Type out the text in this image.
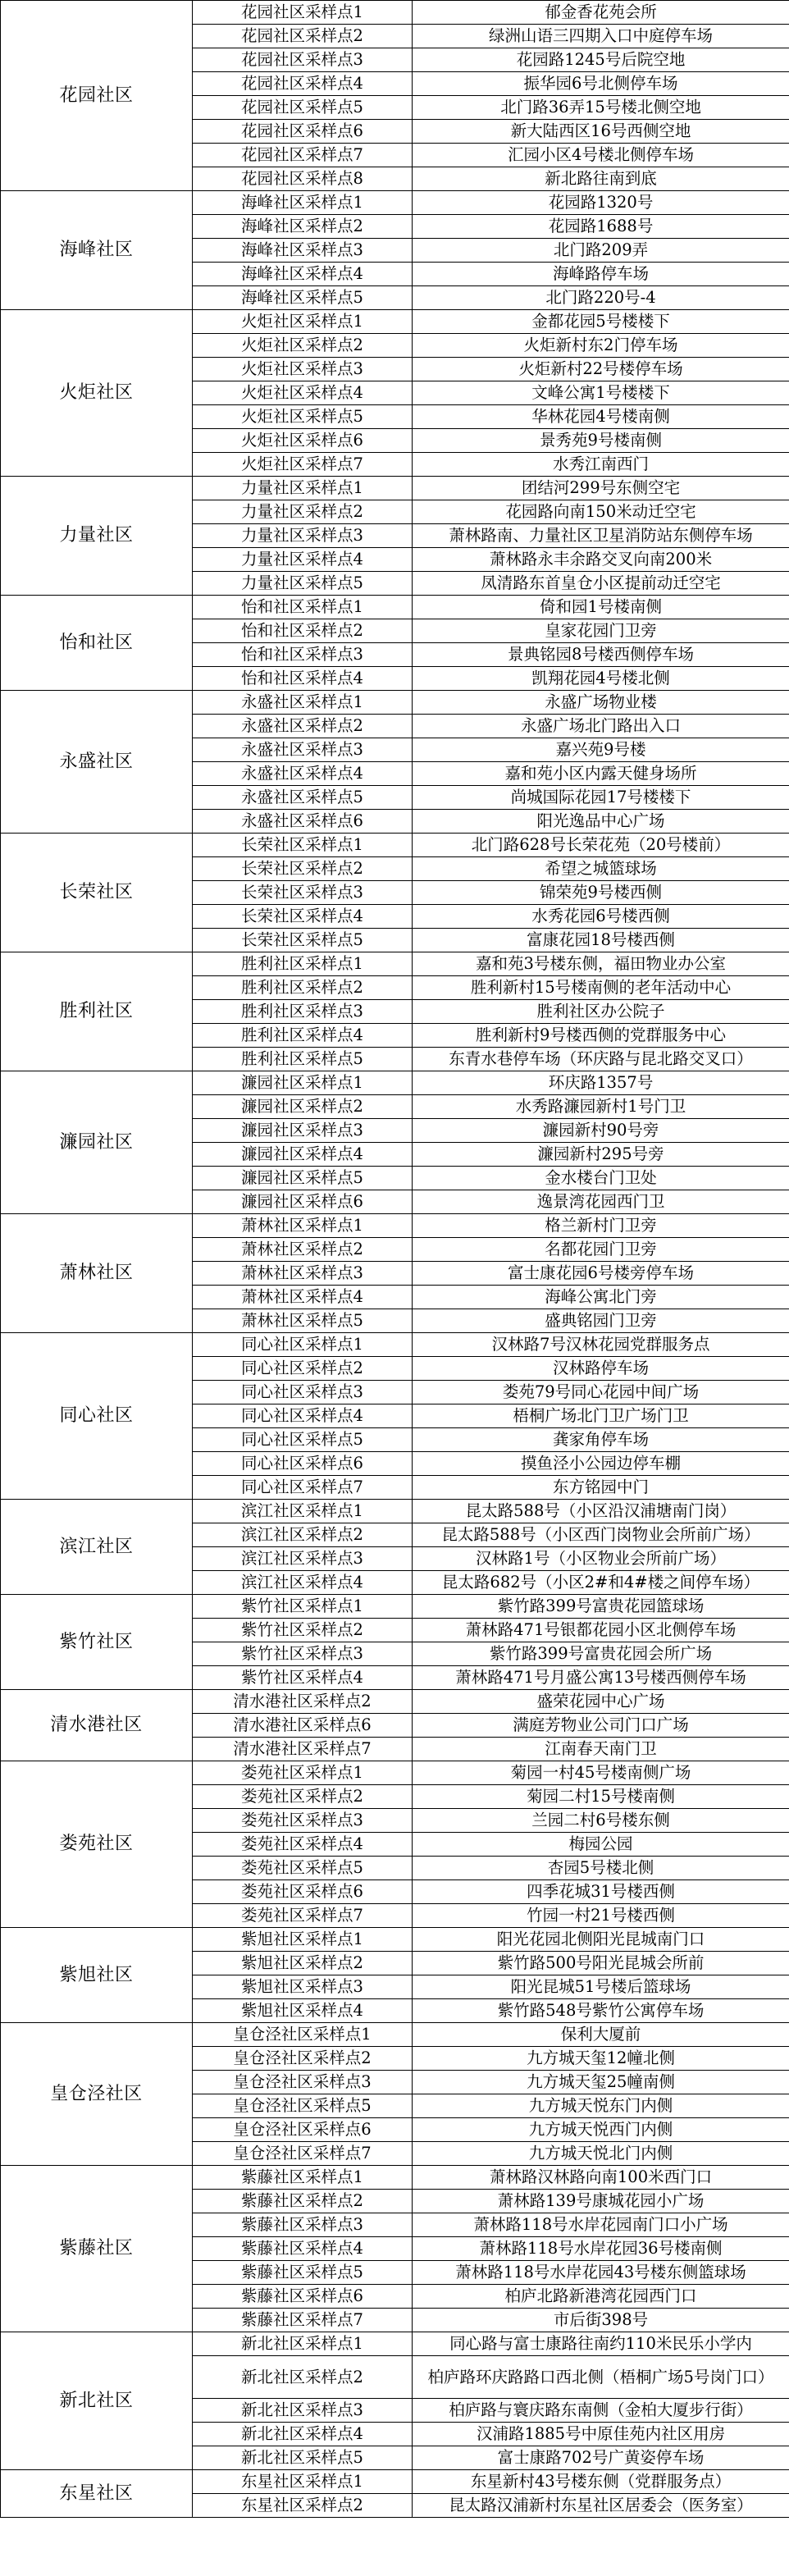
花园社区	花园社区采样点1	郁金香花苑会所
	花园社区采样点2	绿洲山语三四期入口中庭停车场
	花园社区采样点3	花园路1245号后院空地
	花园社区采样点4	振华园6号北侧停车场
	花园社区采样点5	北门路36弄15号楼北侧空地
	花园社区采样点6	新大陆西区16号西侧空地
	花园社区采样点7	汇园小区4号楼北侧停车场
	花园社区采样点8	新北路往南到底
海峰社区	海峰社区采样点1	花园路1320号
	海峰社区采样点2	花园路1688号
	海峰社区采样点3	北门路209弄
	海峰社区采样点4	海峰路停车场
	海峰社区采样点5	北门路220号-4
火炬社区	火炬社区采样点1	金都花园5号楼楼下
	火炬社区采样点2	火炬新村东2门停车场
	火炬社区采样点3	火炬新村22号楼停车场
	火炬社区采样点4	文峰公寓1号楼楼下
	火炬社区采样点5	华林花园4号楼南侧
	火炬社区采样点6	景秀苑9号楼南侧
	火炬社区采样点7	水秀江南西门
力量社区	力量社区采样点1	团结河299号东侧空宅
	力量社区采样点2	花园路向南150米动迁空宅
	力量社区采样点3	萧林路南、力量社区卫星消防站东侧停车场
	力量社区采样点4	萧林路永丰余路交叉向南200米
	力量社区采样点5	凤清路东首皇仓小区提前动迁空宅
怡和社区	怡和社区采样点1	倚和园1号楼南侧
	怡和社区采样点2	皇家花园门卫旁
	怡和社区采样点3	景典铭园8号楼西侧停车场
	怡和社区采样点4	凯翔花园4号楼北侧
永盛社区	永盛社区采样点1	永盛广场物业楼
	永盛社区采样点2	永盛广场北门路出入口
	永盛社区采样点3	嘉兴苑9号楼
	永盛社区采样点4	嘉和苑小区内露天健身场所
	永盛社区采样点5	尚城国际花园17号楼楼下
	永盛社区采样点6	阳光逸品中心广场
长荣社区	长荣社区采样点1	北门路628号长荣花苑（20号楼前）
	长荣社区采样点2	希望之城篮球场
	长荣社区采样点3	锦荣苑9号楼西侧
	长荣社区采样点4	水秀花园6号楼西侧
	长荣社区采样点5	富康花园18号楼西侧
胜利社区	胜利社区采样点1	嘉和苑3号楼东侧，福田物业办公室
	胜利社区采样点2	胜利新村15号楼南侧的老年活动中心
	胜利社区采样点3	胜利社区办公院子
	胜利社区采样点4	胜利新村9号楼西侧的党群服务中心
	胜利社区采样点5	东青水巷停车场（环庆路与昆北路交叉口）
濂园社区	濂园社区采样点1	环庆路1357号
	濂园社区采样点2	水秀路濂园新村1号门卫
	濂园社区采样点3	濂园新村90号旁
	濂园社区采样点4	濂园新村295号旁
	濂园社区采样点5	金水楼台门卫处
	濂园社区采样点6	逸景湾花园西门卫
萧林社区	萧林社区采样点1	格兰新村门卫旁
	萧林社区采样点2	名都花园门卫旁
	萧林社区采样点3	富士康花园6号楼旁停车场
	萧林社区采样点4	海峰公寓北门旁
	萧林社区采样点5	盛典铭园门卫旁
同心社区	同心社区采样点1	汉林路7号汉林花园党群服务点
	同心社区采样点2	汉林路停车场
	同心社区采样点3	娄苑79号同心花园中间广场
	同心社区采样点4	梧桐广场北门卫广场门卫
	同心社区采样点5	龚家角停车场
	同心社区采样点6	摸鱼泾小公园边停车棚
	同心社区采样点7	东方铭园中门
滨江社区	滨江社区采样点1	昆太路588号（小区沿汉浦塘南门岗）
	滨江社区采样点2	昆太路588号（小区西门岗物业会所前广场）
	滨江社区采样点3	汉林路1号（小区物业会所前广场）
	滨江社区采样点4	昆太路682号（小区2#和4#楼之间停车场）
紫竹社区	紫竹社区采样点1	紫竹路399号富贵花园篮球场
	紫竹社区采样点2	萧林路471号银都花园小区北侧停车场
	紫竹社区采样点3	紫竹路399号富贵花园会所广场
	紫竹社区采样点4	萧林路471号月盛公寓13号楼西侧停车场
清水港社区	清水港社区采样点2	盛荣花园中心广场
	清水港社区采样点6	满庭芳物业公司门口广场
	清水港社区采样点7	江南春天南门卫
娄苑社区	娄苑社区采样点1	菊园一村45号楼南侧广场
	娄苑社区采样点2	菊园二村15号楼南侧
	娄苑社区采样点3	兰园二村6号楼东侧
	娄苑社区采样点4	梅园公园
	娄苑社区采样点5	杏园5号楼北侧
	娄苑社区采样点6	四季花城31号楼西侧
	娄苑社区采样点7	竹园一村21号楼西侧
紫旭社区	紫旭社区采样点1	阳光花园北侧阳光昆城南门口
	紫旭社区采样点2	紫竹路500号阳光昆城会所前
	紫旭社区采样点3	阳光昆城51号楼后篮球场
	紫旭社区采样点4	紫竹路548号紫竹公寓停车场
皇仓泾社区	皇仓泾社区采样点1	保利大厦前
	皇仓泾社区采样点2	九方城天玺12幢北侧
	皇仓泾社区采样点3	九方城天玺25幢南侧
	皇仓泾社区采样点5	九方城天悦东门内侧
	皇仓泾社区采样点6	九方城天悦西门内侧
	皇仓泾社区采样点7	九方城天悦北门内侧
紫藤社区	紫藤社区采样点1	萧林路汉林路向南100米西门口
	紫藤社区采样点2	萧林路139号康城花园小广场
	紫藤社区采样点3	萧林路118号水岸花园南门口小广场
	紫藤社区采样点4	萧林路118号水岸花园36号楼南侧
	紫藤社区采样点5	萧林路118号水岸花园43号楼东侧篮球场
	紫藤社区采样点6	柏庐北路新港湾花园西门口
	紫藤社区采样点7	市后街398号
新北社区	新北社区采样点1	同心路与富士康路往南约110米民乐小学内
	新北社区采样点2	柏庐路环庆路路口西北侧（梧桐广场5号岗门口）
	新北社区采样点3	柏庐路与寰庆路东南侧（金柏大厦步行街）
	新北社区采样点4	汉浦路1885号中原佳苑内社区用房
	新北社区采样点5	富士康路702号广黄姿停车场
东星社区	东星社区采样点1	东星新村43号楼东侧（党群服务点）
	东星社区采样点2	昆太路汉浦新村东星社区居委会（医务室）
